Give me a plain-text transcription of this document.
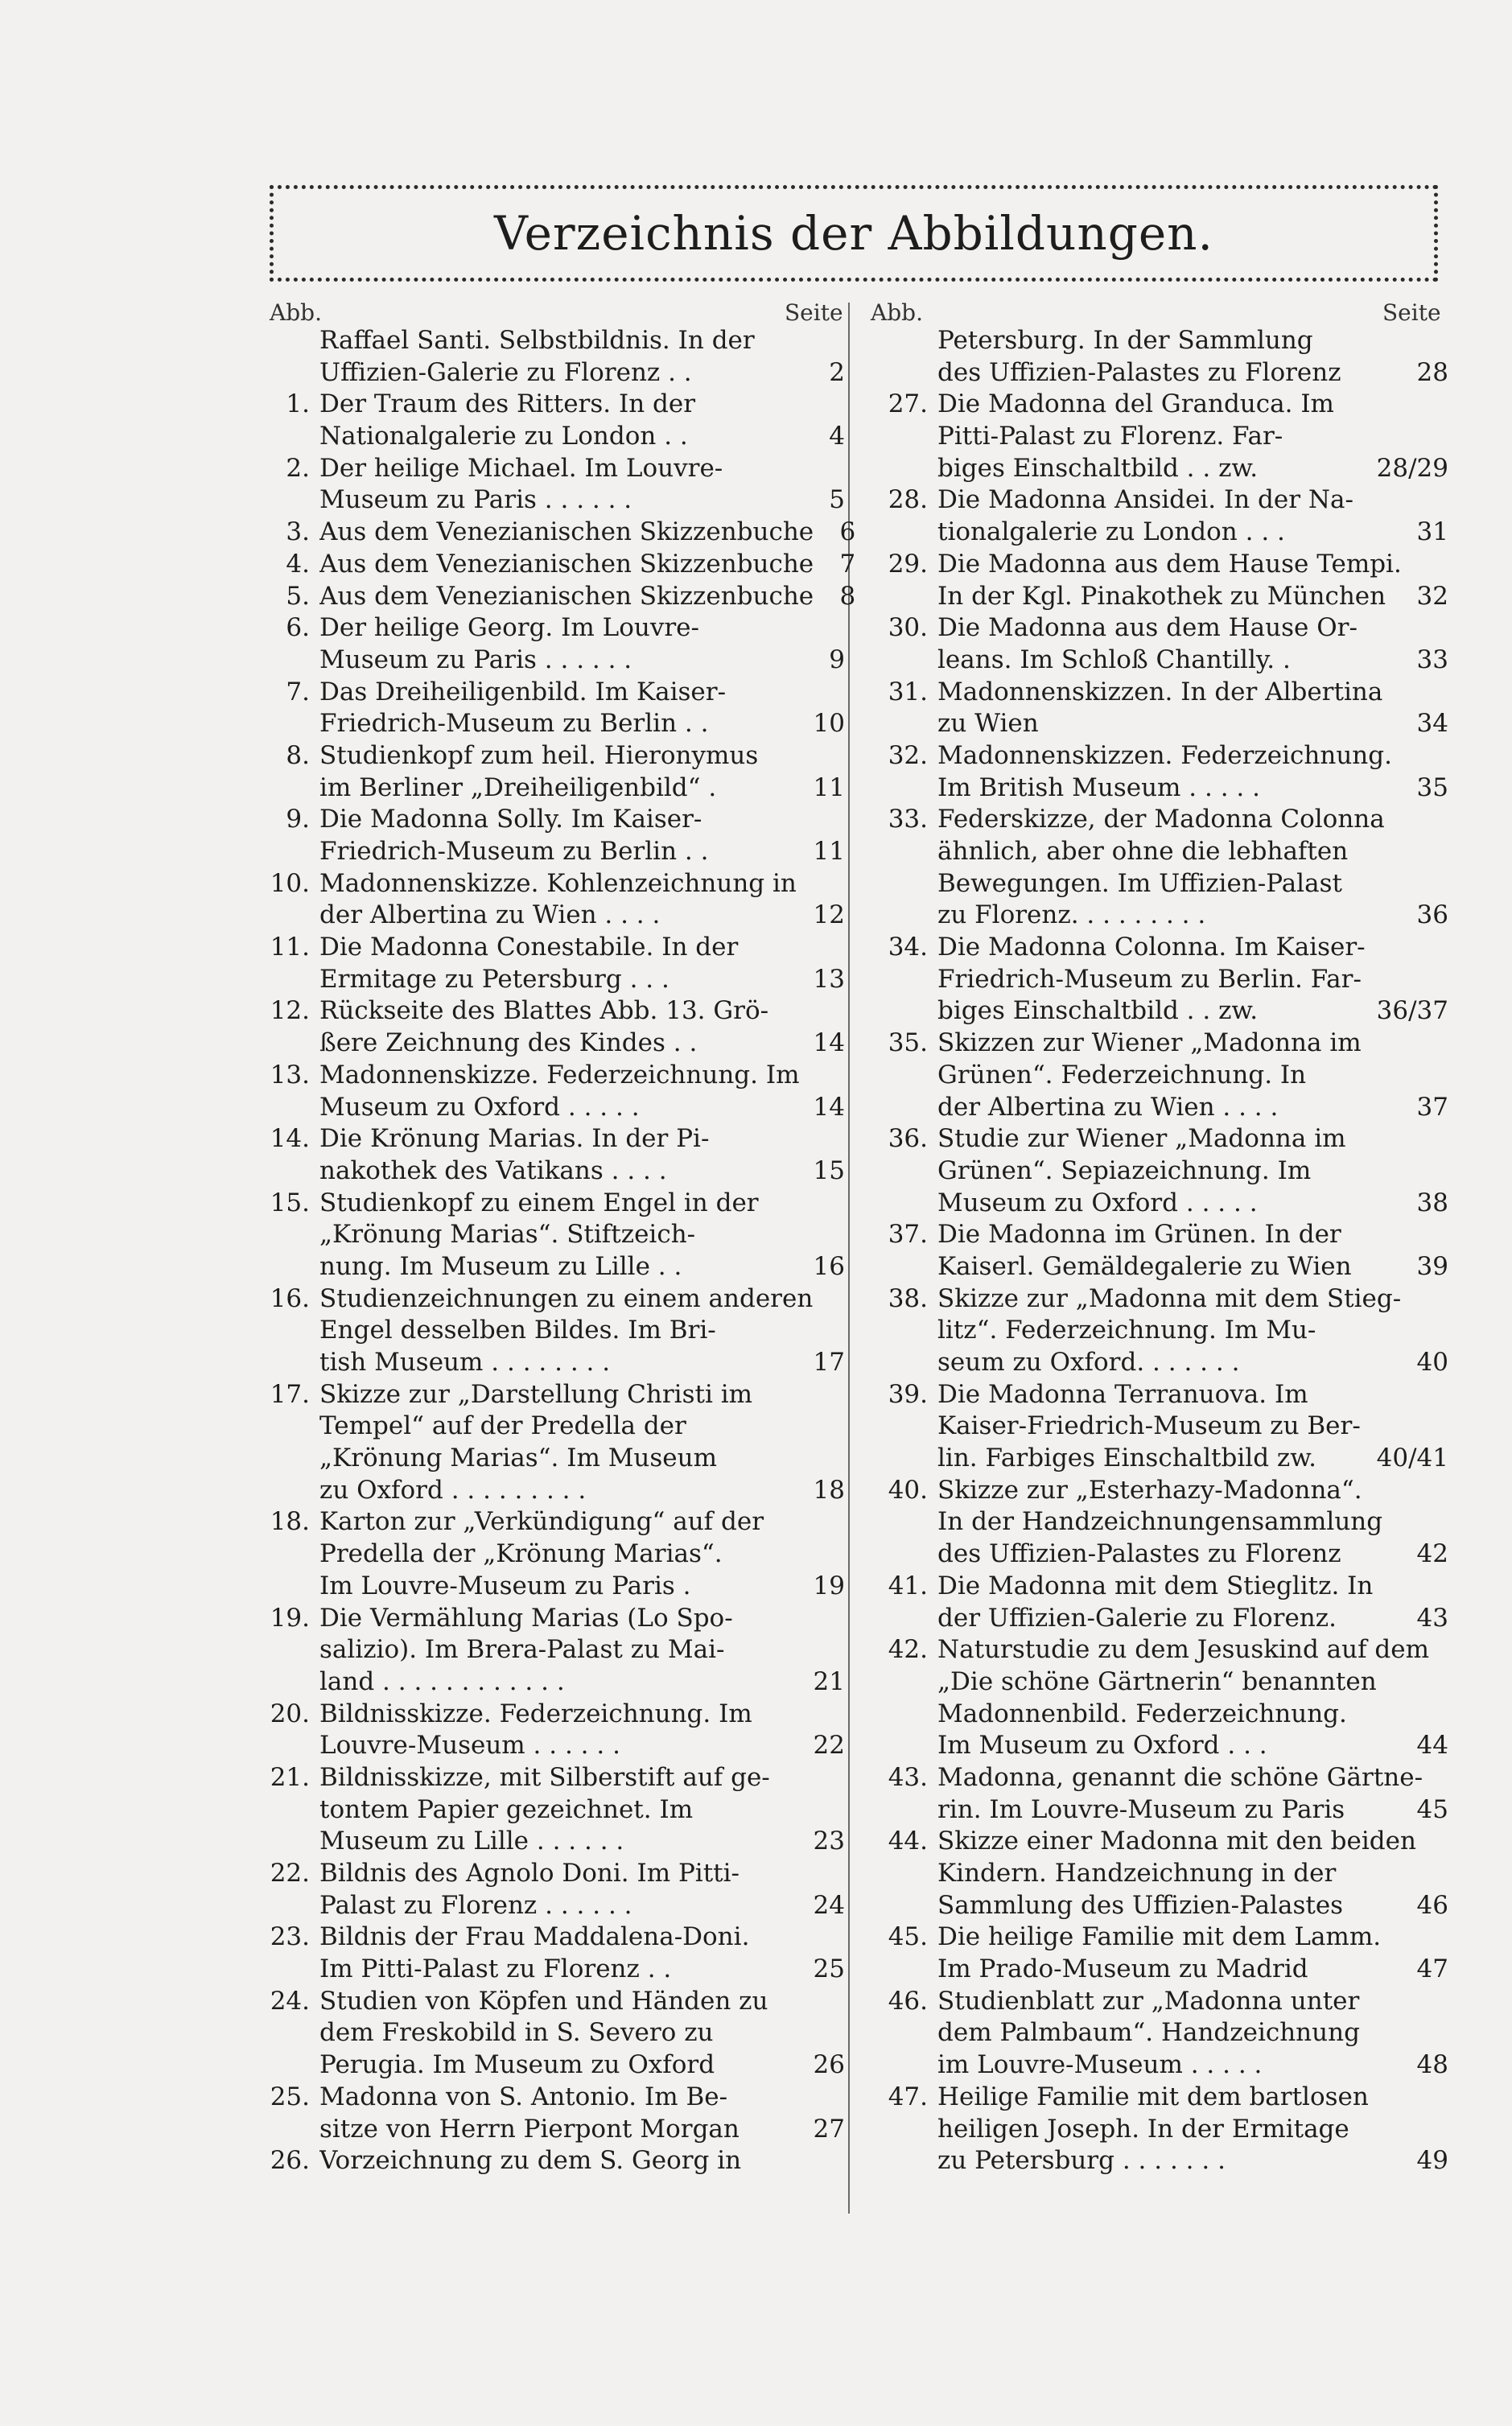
Verzeichnis der Abbildungen.
Abb.	Seite Abb.	Seite
Raffael Santi. Selbstbildnis. In der
Uffizien-Galerie zu Florenz . .	2
1. Der Traum des Ritters. In der
Nationalgalerie zu London . .	4
2. Der heilige Michael. Im Louvre-
Museum zu Paris . . . . . .	5
3. Aus dem Venezianischen Skizzenbuche	6
4. Aus dem Venezianischen Skizzenbuche	7
5. Aus dem Venezianischen Skizzenbuche	8
6. Der heilige Georg. Im Louvre-
Museum zu Paris . . . . . .	9
7. Das Dreiheiligenbild. Im Kaiser-
Friedrich-Museum zu Berlin . .	10
8. Studienkopf zum heil. Hieronymus
im Berliner „Dreiheiligenbild“ .	11
9. Die Madonna Solly. Im Kaiser-
Friedrich-Museum zu Berlin . .	11
10. Madonnenskizze. Kohlenzeichnung in
der Albertina zu Wien . . . .	12
11. Die Madonna Conestabile. In der
Ermitage zu Petersburg . . .	13
12. Rückseite des Blattes Abb. 13. Grö-
ßere Zeichnung des Kindes . .	14
13. Madonnenskizze. Federzeichnung. Im
Museum zu Oxford . . . . .	14
14. Die Krönung Marias. In der Pi-
nakothek des Vatikans . . . .	15
15. Studienkopf zu einem Engel in der
„Krönung Marias“. Stiftzeich-
nung. Im Museum zu Lille . .	16
16. Studienzeichnungen zu einem anderen
Engel desselben Bildes. Im Bri-
tish Museum . . . . . . . .	17
17. Skizze zur „Darstellung Christi im
Tempel“ auf der Predella der
„Krönung Marias“. Im Museum
zu Oxford . . . . . . . . .	18
18. Karton zur „Verkündigung“ auf der
Predella der „Krönung Marias“.
Im Louvre-Museum zu Paris .	19
19. Die Vermählung Marias (Lo Spo-
salizio). Im Brera-Palast zu Mai-
land . . . . . . . . . . . .	21
20. Bildnisskizze. Federzeichnung. Im
Louvre-Museum . . . . . .	22
21. Bildnisskizze, mit Silberstift auf ge-
tontem Papier gezeichnet. Im
Museum zu Lille . . . . . .	23
22. Bildnis des Agnolo Doni. Im Pitti-
Palast zu Florenz . . . . . .	24
23. Bildnis der Frau Maddalena-Doni.
Im Pitti-Palast zu Florenz . .	25
24. Studien von Köpfen und Händen zu
dem Freskobild in S. Severo zu
Perugia. Im Museum zu Oxford	26
25. Madonna von S. Antonio. Im Be-
sitze von Herrn Pierpont Morgan	27
26. Vorzeichnung zu dem S. Georg in
Petersburg. In der Sammlung
des Uffizien-Palastes zu Florenz	28
27. Die Madonna del Granduca. Im
Pitti-Palast zu Florenz. Far-
biges Einschaltbild . . zw.	28/29
28. Die Madonna Ansidei. In der Na-
tionalgalerie zu London . . .	31
29. Die Madonna aus dem Hause Tempi.
In der Kgl. Pinakothek zu München	32
30. Die Madonna aus dem Hause Or-
leans. Im Schloß Chantilly. .	33
31. Madonnenskizzen. In der Albertina
zu Wien	34
32. Madonnenskizzen. Federzeichnung.
Im British Museum . . . . .	35
33. Federskizze, der Madonna Colonna
ähnlich, aber ohne die lebhaften
Bewegungen. Im Uffizien-Palast
zu Florenz. . . . . . . . .	36
34. Die Madonna Colonna. Im Kaiser-
Friedrich-Museum zu Berlin. Far-
biges Einschaltbild . . zw.	36/37
35. Skizzen zur Wiener „Madonna im
Grünen“. Federzeichnung. In
der Albertina zu Wien . . . .	37
36. Studie zur Wiener „Madonna im
Grünen“. Sepiazeichnung. Im
Museum zu Oxford . . . . .	38
37. Die Madonna im Grünen. In der
Kaiserl. Gemäldegalerie zu Wien	39
38. Skizze zur „Madonna mit dem Stieg-
litz“. Federzeichnung. Im Mu-
seum zu Oxford. . . . . . .	40
39. Die Madonna Terranuova. Im
Kaiser-Friedrich-Museum zu Ber-
lin. Farbiges Einschaltbild zw. 40/41
40. Skizze zur „Esterhazy-Madonna“.
In der Handzeichnungensammlung
des Uffizien-Palastes zu Florenz	42
41. Die Madonna mit dem Stieglitz. In
der Uffizien-Galerie zu Florenz.	43
42. Naturstudie zu dem Jesuskind auf dem
„Die schöne Gärtnerin“ benannten
Madonnenbild. Federzeichnung.
Im Museum zu Oxford . . .	44
43. Madonna, genannt die schöne Gärtne-
rin. Im Louvre-Museum zu Paris	45
44. Skizze einer Madonna mit den beiden
Kindern. Handzeichnung in der
Sammlung des Uffizien-Palastes	46
45. Die heilige Familie mit dem Lamm.
Im Prado-Museum zu Madrid	47
46. Studienblatt zur „Madonna unter
dem Palmbaum“. Handzeichnung
im Louvre-Museum . . . . .	48
47. Heilige Familie mit dem bartlosen
heiligen Joseph. In der Ermitage
zu Petersburg . . . . . . .	49
